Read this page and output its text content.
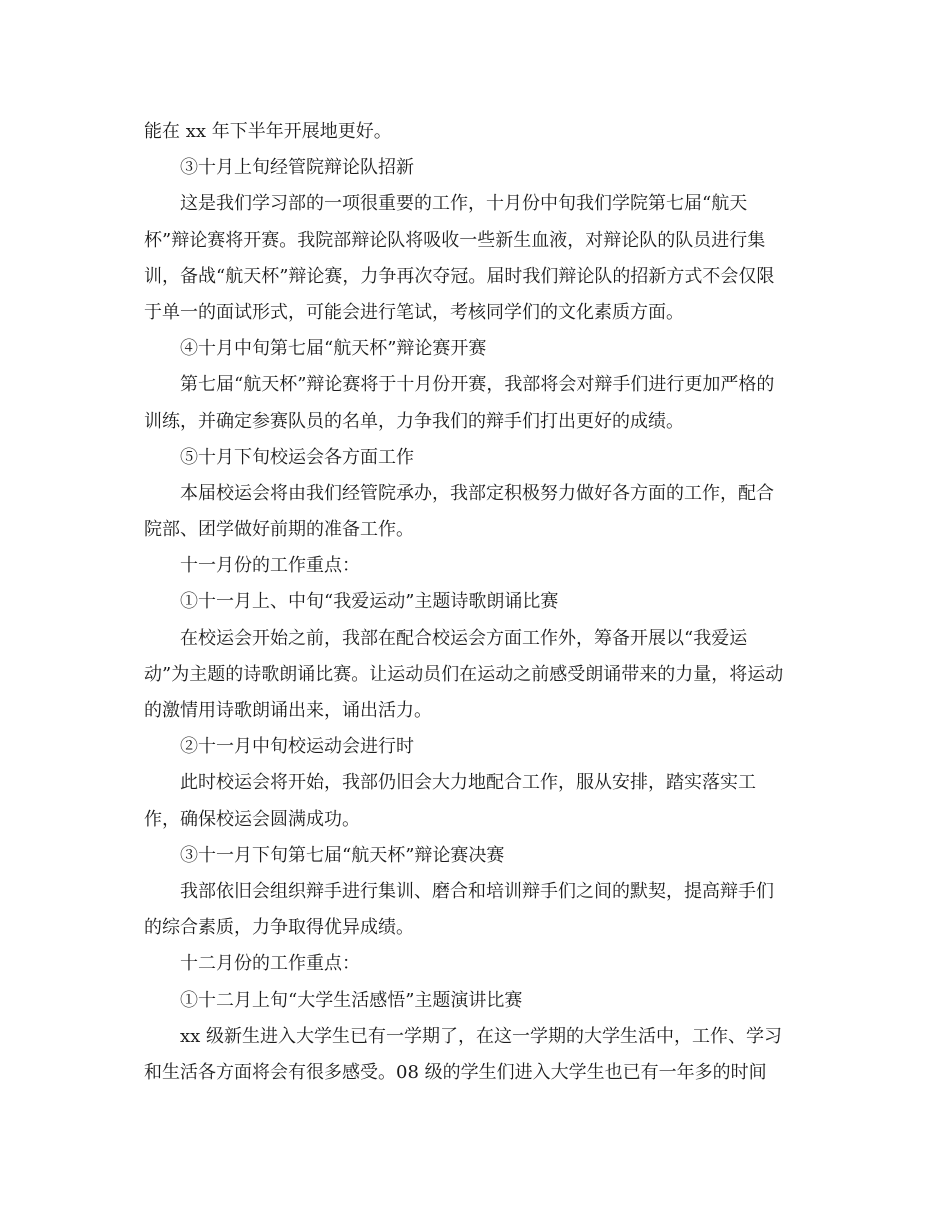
能在 xx 年下半年开展地更好。
③十月上旬经管院辩论队招新
这是我们学习部的一项很重要的工作，十月份中旬我们学院第七届“航天
杯”辩论赛将开赛。我院部辩论队将吸收一些新生血液，对辩论队的队员进行集
训，备战“航天杯”辩论赛，力争再次夺冠。届时我们辩论队的招新方式不会仅限
于单一的面试形式，可能会进行笔试，考核同学们的文化素质方面。
④十月中旬第七届“航天杯”辩论赛开赛
第七届“航天杯”辩论赛将于十月份开赛，我部将会对辩手们进行更加严格的
训练，并确定参赛队员的名单，力争我们的辩手们打出更好的成绩。
⑤十月下旬校运会各方面工作
本届校运会将由我们经管院承办，我部定积极努力做好各方面的工作，配合
院部、团学做好前期的准备工作。
十一月份的工作重点：
①十一月上、中旬“我爱运动”主题诗歌朗诵比赛
在校运会开始之前，我部在配合校运会方面工作外，筹备开展以“我爱运
动”为主题的诗歌朗诵比赛。让运动员们在运动之前感受朗诵带来的力量，将运动
的激情用诗歌朗诵出来，诵出活力。
②十一月中旬校运动会进行时
此时校运会将开始，我部仍旧会大力地配合工作，服从安排，踏实落实工
作，确保校运会圆满成功。
③十一月下旬第七届“航天杯”辩论赛决赛
我部依旧会组织辩手进行集训、磨合和培训辩手们之间的默契，提高辩手们
的综合素质，力争取得优异成绩。
十二月份的工作重点：
①十二月上旬“大学生活感悟”主题演讲比赛
xx 级新生进入大学生已有一学期了，在这一学期的大学生活中，工作、学习
和生活各方面将会有很多感受。08 级的学生们进入大学生也已有一年多的时间
